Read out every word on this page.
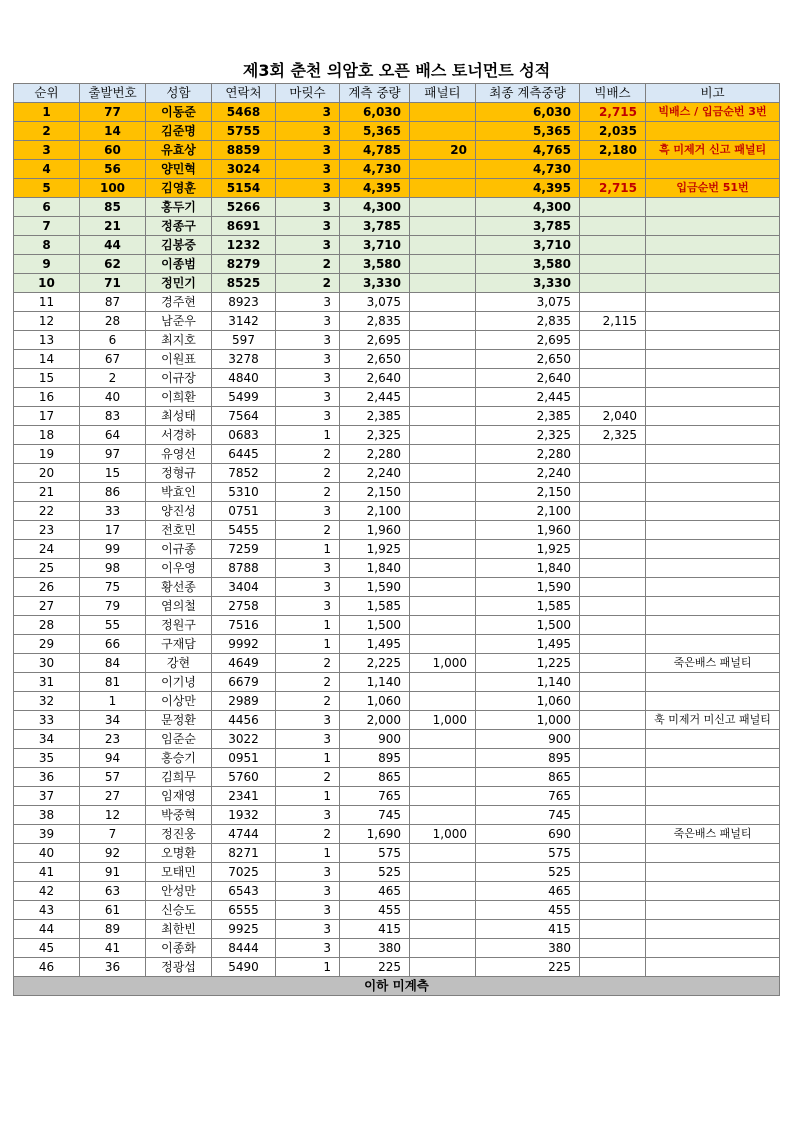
제3회 춘천 의암호 오픈 배스 토너먼트 성적									
순위	출발번호	성함	연락처	마릿수	계측 중량	패널티	최종 계측중량	빅배스	비고
1	77	이동준	5468	3	6,030		6,030	2,715	빅배스 / 입금순번 3번
2	14	김준명	5755	3	5,365		5,365	2,035	
3	60	유효상	8859	3	4,785	20	4,765	2,180	흑 미제거 신고 패널티
4	56	양민혁	3024	3	4,730		4,730		
5	100	김영훈	5154	3	4,395		4,395	2,715	입금순번 51번
6	85	홍두기	5266	3	4,300		4,300		
7	21	정종구	8691	3	3,785		3,785		
8	44	김봉중	1232	3	3,710		3,710		
9	62	이종범	8279	2	3,580		3,580		
10	71	정민기	8525	2	3,330		3,330		
11	87	경주현	8923	3	3,075		3,075		
12	28	남준우	3142	3	2,835		2,835	2,115	
13	6	최지호	597	3	2,695		2,695		
14	67	이원표	3278	3	2,650		2,650		
15	2	이규장	4840	3	2,640		2,640		
16	40	이희환	5499	3	2,445		2,445		
17	83	최성태	7564	3	2,385		2,385	2,040	
18	64	서경하	0683	1	2,325		2,325	2,325	
19	97	유영선	6445	2	2,280		2,280		
20	15	정형규	7852	2	2,240		2,240		
21	86	박효인	5310	2	2,150		2,150		
22	33	양진성	0751	3	2,100		2,100		
23	17	전호민	5455	2	1,960		1,960		
24	99	이규종	7259	1	1,925		1,925		
25	98	이우영	8788	3	1,840		1,840		
26	75	황선종	3404	3	1,590		1,590		
27	79	염의철	2758	3	1,585		1,585		
28	55	정원구	7516	1	1,500		1,500		
29	66	구재담	9992	1	1,495		1,495		
30	84	강현	4649	2	2,225	1,000	1,225		죽은배스 패널티
31	81	이기녕	6679	2	1,140		1,140		
32	1	이상만	2989	2	1,060		1,060		
33	34	문정환	4456	3	2,000	1,000	1,000		훅 미제거 미신고 패널티
34	23	임준순	3022	3	900		900		
35	94	홍승기	0951	1	895		895		
36	57	김희무	5760	2	865		865		
37	27	임재영	2341	1	765		765		
38	12	박중혁	1932	3	745		745		
39	7	정진웅	4744	2	1,690	1,000	690		죽은배스 패널티
40	92	오명환	8271	1	575		575		
41	91	모태민	7025	3	525		525		
42	63	안성만	6543	3	465		465		
43	61	신승도	6555	3	455		455		
44	89	최한빈	9925	3	415		415		
45	41	이종화	8444	3	380		380		
46	36	정광섭	5490	1	225		225		
이하 미계측									
